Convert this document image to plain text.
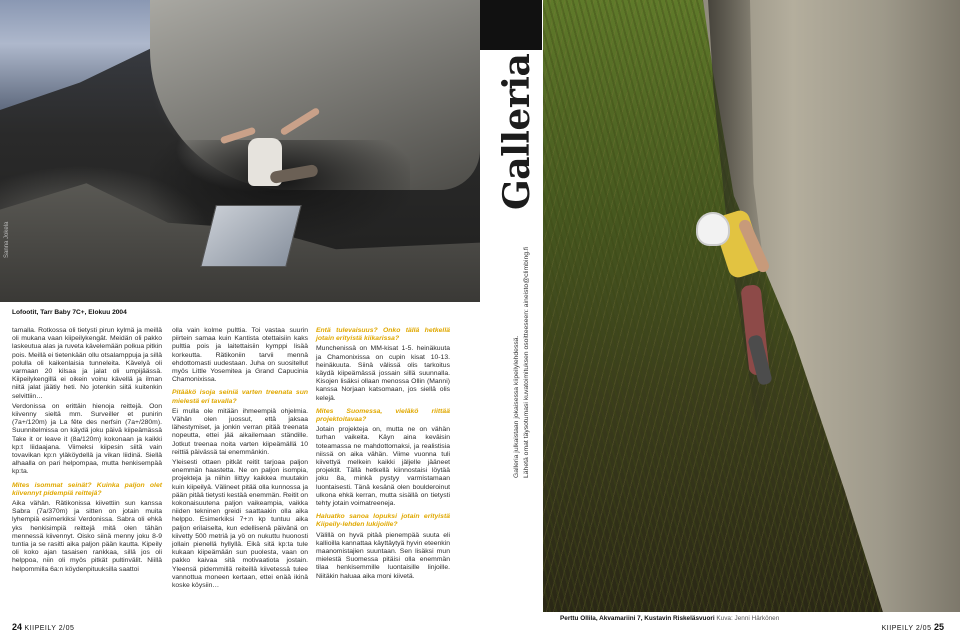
Sanna Jokela
Lofootit, Tarr Baby 7C+, Elokuu 2004

tamalla. Rotkossa oli tietysti pirun kylmä ja meillä oli mukana vaan kiipeilykengät. Meidän oli pakko laskeutua alas ja ruveta kävelemään polkua pitkin pois. Meillä ei tietenkään ollu otsalamppuja ja sillä polulla oli kaikenlaisia tunneleita. Kävelyä oli varmaan 20 kilsaa ja jalat oli umpijäässä. Kiipeilykengillä ei oikein voinu kävellä ja ilman niitä jalat jäätiy heti. No jotenkin siitä kuitenkin selvittiin…

Verdonissa on erittäin hienoja reittejä. Oon kiivenny sieltä mm. Surveiller et punirin (7a+/120m) ja La fête des nerfsin (7a+/280m). Suunnitelmissa on käydä joku päivä kiipeämässä Take it or leave it (8a/120m) kokonaan ja kaikki kp:t liidaajana. Viimeksi kiipesin siitä vain tovavikan kp:n yläköydellä ja vikan liidinä. Siellä alhaalla on pari helpompaa, mutta henkisempää kp:ta.

Mites isommat seinät? Kuinka paljon olet kiivennyt pidempiä reittejä?

Aika vähän. Rätikonissa kiivettiin sun kanssa Sabra (7a/370m) ja sitten on jotain muita lyhempiä esimerkiksi Verdonissa. Sabra oli ehkä yks henkisimpiä reittejä mitä olen tähän mennessä kiivennyt. Oisko siinä menny joku 8-9 tuntia ja se rasitti aika paljon pään kautta. Kipeily oli koko ajan tasaisen rankkaa, sillä jos oli helppoa, niin oli myös pitkät pultinvälit. Niillä helpommilla 6a:n köydenpituuksilla saattoi

olla vain kolme pulttia. Toi vastaa suurin piirtein samaa kuin Kantista otettaisiin kaks pulttia pois ja laitettaisiin kymppi lisää korkeutta. Rätikoniin tarvii mennä ehdottomasti uudestaan. Juha on suositellut myös Little Yosemitea ja Grand Capucinia Chamonixissa.

Pitääkö isoja seiniä varten treenata sun mielestä eri tavalla?

Ei mulla ole mitään ihmeempiä ohjelmia. Vähän olen juossut, että jaksaa lähestymiset, ja jonkin verran pitää treenata nopeutta, ettei jää aikailemaan ständille. Jotkut treenaa noita varten kiipeämällä 10 reittiä päivässä tai enemmänkin.

Yleisesti ottaen pitkät reitit tarjoaa paljon enemmän haastetta. Ne on paljon isompia, projekteja ja niihin liittyy kaikkea muutakin kuin kiipeilyä. Välineet pitää olla kunnossa ja pään pitää tietysti kestää enemmän. Reitit on kokonaisuutena paljon vaikeampia, vaikka niiden tekninen greidi saattaakin olla aika helppo. Esimerkiksi 7+:n kp tuntuu aika paljon erilaiselta, kun edellisenä päivänä on kiivetty 500 metriä ja yö on nukuttu huonosti jollain pienellä hyllyllä. Eikä sitä kp:ta tule kukaan kiipeämään sun puolesta, vaan on pakko kaivaa sitä motivaatiota jostain. Yleensä pidemmillä reiteillä kiivetessä tulee vannottua moneen kertaan, ettei enää ikinä koske köysiin…

Entä tulevaisuus? Onko tällä hetkellä jotain erityistä kiikarissa?

Munchenissä on MM-kisat 1-5. heinäkuuta ja Chamonixissa on cupin kisat 10-13. heinäkuuta. Siinä välissä olis tarkoitus käydä kiipeämässä jossain sillä suunnalla. Kisojen lisäksi ollaan menossa Ollin (Manni) kanssa Norjaan katsomaan, jos siellä olis kelejä.

Mites Suomessa, vieläkö riittää projektoitavaa?

Jotain projekteja on, mutta ne on vähän turhan vaikeita. Käyn aina keväisin toteamassa ne mahdottomaksi, ja realistisia niissä on aika vähän. Viime vuonna tuli kiivettyä melkein kaikki jäljelle jääneet projektit. Tällä hetkellä kiinnostaisi löytää joku 8a, minkä pystyy varmistamaan luontaisesti. Tänä kesänä olen boulderoinut ulkona ehkä kerran, mutta sisällä on tietysti tehty jotain voimatreeneja.

Haluatko sanoa lopuksi jotain erityistä Kiipeily-lehden lukijoille?

Välillä on hyvä pitää pienempää suuta eli kallioilla kannattaa käyttäytyä hyvin eteenkin maanomistajien suuntaan. Sen lisäksi mun mielestä Suomessa pitäisi olla enemmän tilaa henkisemmille luontaisille linjoille. Niitäkin haluaa aika moni kiivetä.

24 KIIPEILY 2/05
Galleria
Galleria julkaistaan jokaisessa kiipeilylehdessä. Lähetä omat täysotumasi kuvatoimituksen osoitteeseen: aineisto@climbing.fi
Perttu Ollila, Akvamariini 7, Kustavin Riskeläsvuori Kuva: Jenni Härkönen
KIIPEILY 2/05 25
